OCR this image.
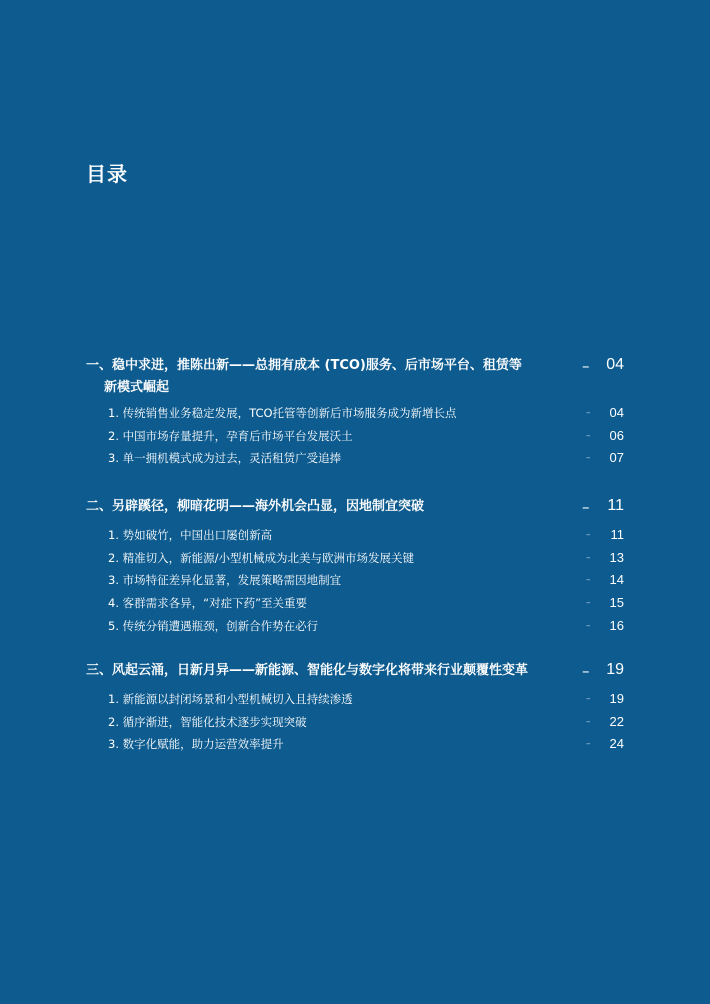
目录
一、稳中求进，推陈出新——总拥有成本 (TCO)服务、后市场平台、租赁等	– 04
新模式崛起
1. 传统销售业务稳定发展，TCO托管等创新后市场服务成为新增长点	– 04
2. 中国市场存量提升，孕育后市场平台发展沃土	– 06
3. 单一拥机模式成为过去，灵活租赁广受追捧	– 07
二、另辟蹊径，柳暗花明——海外机会凸显，因地制宜突破	– 11
1. 势如破竹，中国出口屡创新高	– 11
2. 精准切入，新能源/小型机械成为北美与欧洲市场发展关键	– 13
3. 市场特征差异化显著，发展策略需因地制宜	– 14
4. 客群需求各异，“对症下药”至关重要	– 15
5. 传统分销遭遇瓶颈，创新合作势在必行	– 16
三、风起云涌，日新月异——新能源、智能化与数字化将带来行业颠覆性变革	– 19
1. 新能源以封闭场景和小型机械切入且持续渗透	– 19
2. 循序渐进，智能化技术逐步实现突破	– 22
3. 数字化赋能，助力运营效率提升	– 24
